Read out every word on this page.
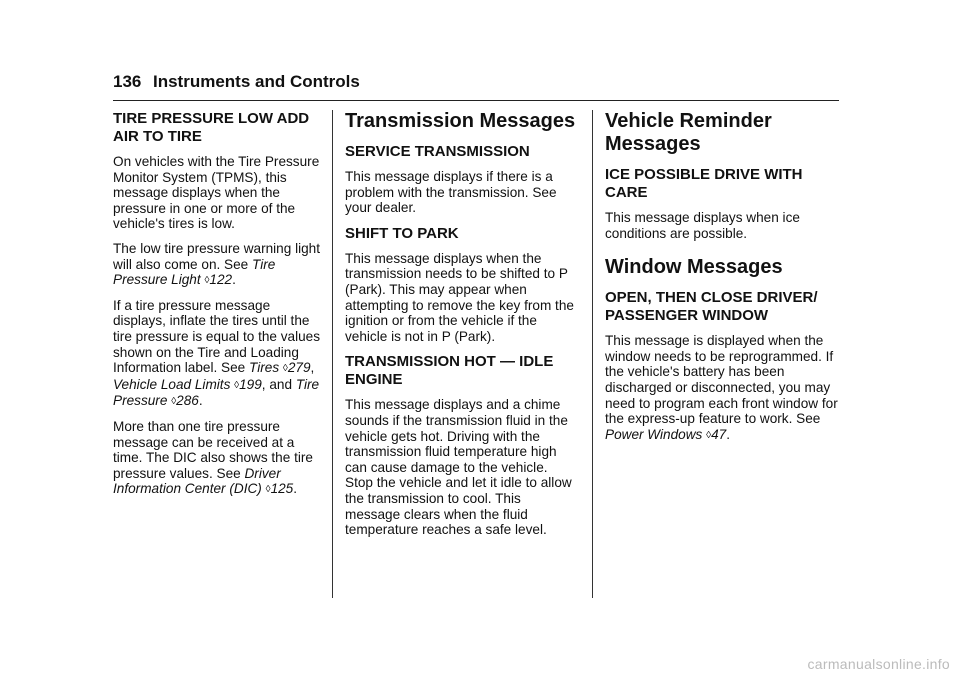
136 Instruments and Controls
TIRE PRESSURE LOW ADD AIR TO TIRE

On vehicles with the Tire Pressure Monitor System (TPMS), this message displays when the pressure in one or more of the vehicle's tires is low.

The low tire pressure warning light will also come on. See Tire Pressure Light ◊122.

If a tire pressure message displays, inflate the tires until the tire pressure is equal to the values shown on the Tire and Loading Information label. See Tires ◊279, Vehicle Load Limits ◊199, and Tire Pressure ◊286.

More than one tire pressure message can be received at a time. The DIC also shows the tire pressure values. See Driver Information Center (DIC) ◊125.

Transmission Messages
SERVICE TRANSMISSION

This message displays if there is a problem with the transmission. See your dealer.

SHIFT TO PARK

This message displays when the transmission needs to be shifted to P (Park). This may appear when attempting to remove the key from the ignition or from the vehicle if the vehicle is not in P (Park).

TRANSMISSION HOT — IDLE ENGINE

This message displays and a chime sounds if the transmission fluid in the vehicle gets hot. Driving with the transmission fluid temperature high can cause damage to the vehicle. Stop the vehicle and let it idle to allow the transmission to cool. This message clears when the fluid temperature reaches a safe level.

Vehicle Reminder Messages
ICE POSSIBLE DRIVE WITH CARE

This message displays when ice conditions are possible.

Window Messages
OPEN, THEN CLOSE DRIVER/ PASSENGER WINDOW

This message is displayed when the window needs to be reprogrammed. If the vehicle's battery has been discharged or disconnected, you may need to program each front window for the express-up feature to work. See Power Windows ◊47.

carmanualsonline.info
